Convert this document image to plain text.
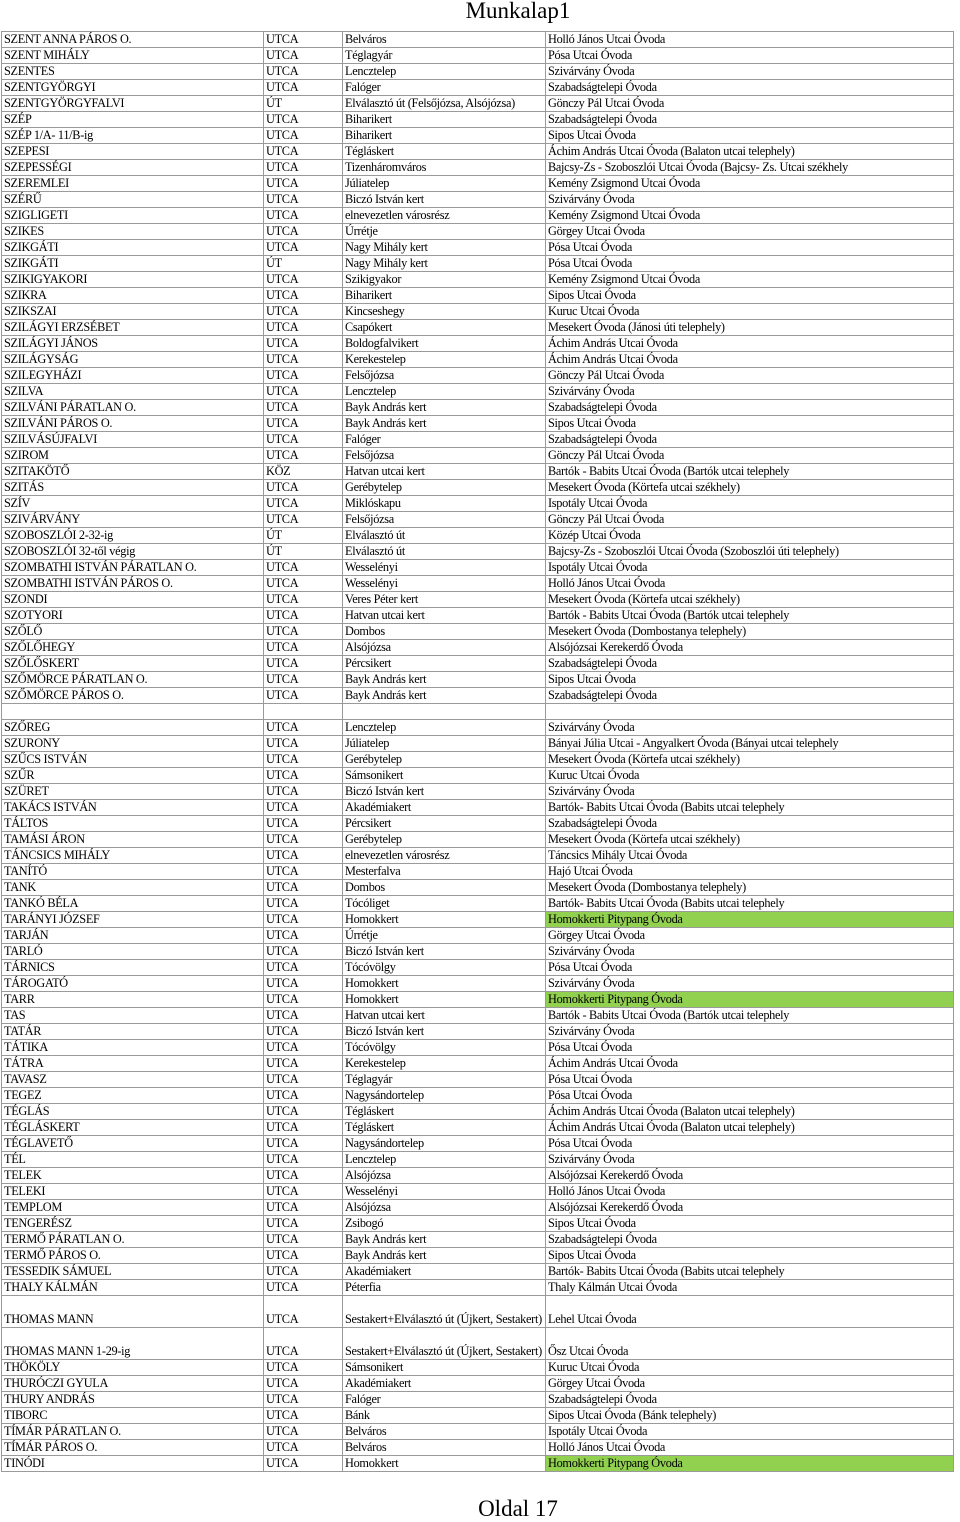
Munkalap1
SZENT ANNA PÁROS O.	UTCA	Belváros	Holló János Utcai Óvoda
SZENT MIHÁLY	UTCA	Téglagyár	Pósa Utcai Óvoda
SZENTES	UTCA	Lencztelep	Szivárvány Óvoda
SZENTGYÖRGYI	UTCA	Falóger	Szabadságtelepi Óvoda
SZENTGYÖRGYFALVI	ÚT	Elválasztó út (Felsőjózsa, Alsójózsa)	Gönczy Pál Utcai Óvoda
SZÉP	UTCA	Biharikert	Szabadságtelepi Óvoda
SZÉP 1/A- 11/B-ig	UTCA	Biharikert	Sipos Utcai Óvoda
SZEPESI	UTCA	Tégláskert	Áchim András Utcai Óvoda (Balaton utcai telephely)
SZEPESSÉGI	UTCA	Tizenháromváros	Bajcsy-Zs - Szoboszlói Utcai Óvoda (Bajcsy- Zs. Utcai székhely
SZEREMLEI	UTCA	Júliatelep	Kemény Zsigmond Utcai Óvoda
SZÉRŰ	UTCA	Biczó István kert	Szivárvány Óvoda
SZIGLIGETI	UTCA	elnevezetlen városrész	Kemény Zsigmond Utcai Óvoda
SZIKES	UTCA	Úrrétje	Görgey Utcai Óvoda
SZIKGÁTI	UTCA	Nagy Mihály kert	Pósa Utcai Óvoda
SZIKGÁTI	ÚT	Nagy Mihály kert	Pósa Utcai Óvoda
SZIKIGYAKORI	UTCA	Szikigyakor	Kemény Zsigmond Utcai Óvoda
SZIKRA	UTCA	Biharikert	Sipos Utcai Óvoda
SZIKSZAI	UTCA	Kincseshegy	Kuruc Utcai Óvoda
SZILÁGYI ERZSÉBET	UTCA	Csapókert	Mesekert Óvoda (Jánosi úti telephely)
SZILÁGYI JÁNOS	UTCA	Boldogfalvikert	Áchim András Utcai Óvoda
SZILÁGYSÁG	UTCA	Kerekestelep	Áchim András Utcai Óvoda
SZILEGYHÁZI	UTCA	Felsőjózsa	Gönczy Pál Utcai Óvoda
SZILVA	UTCA	Lencztelep	Szivárvány Óvoda
SZILVÁNI PÁRATLAN O.	UTCA	Bayk András kert	Szabadságtelepi Óvoda
SZILVÁNI PÁROS O.	UTCA	Bayk András kert	Sipos Utcai Óvoda
SZILVÁSÚJFALVI	UTCA	Falóger	Szabadságtelepi Óvoda
SZIROM	UTCA	Felsőjózsa	Gönczy Pál Utcai Óvoda
SZITAKÖTŐ	KÖZ	Hatvan utcai kert	Bartók - Babits Utcai Óvoda (Bartók utcai telephely
SZITÁS	UTCA	Gerébytelep	Mesekert Óvoda (Körtefa utcai székhely)
SZÍV	UTCA	Miklóskapu	Ispotály Utcai Óvoda
SZIVÁRVÁNY	UTCA	Felsőjózsa	Gönczy Pál Utcai Óvoda
SZOBOSZLÓI 2-32-ig	ÚT	Elválasztó út	Közép Utcai Óvoda
SZOBOSZLÓI 32-től végig	ÚT	Elválasztó út	Bajcsy-Zs - Szoboszlói Utcai Óvoda (Szoboszlói úti telephely)
SZOMBATHI ISTVÁN PÁRATLAN O.	UTCA	Wesselényi	Ispotály Utcai Óvoda
SZOMBATHI ISTVÁN PÁROS O.	UTCA	Wesselényi	Holló János Utcai Óvoda
SZONDI	UTCA	Veres Péter kert	Mesekert Óvoda (Körtefa utcai székhely)
SZOTYORI	UTCA	Hatvan utcai kert	Bartók - Babits Utcai Óvoda (Bartók utcai telephely
SZŐLŐ	UTCA	Dombos	Mesekert Óvoda (Dombostanya telephely)
SZŐLŐHEGY	UTCA	Alsójózsa	Alsójózsai Kerekerdő Óvoda
SZŐLŐSKERT	UTCA	Pércsikert	Szabadságtelepi Óvoda
SZŐMÖRCE PÁRATLAN O.	UTCA	Bayk András kert	Sipos Utcai Óvoda
SZŐMÖRCE PÁROS O.	UTCA	Bayk András kert	Szabadságtelepi Óvoda

SZŐREG	UTCA	Lencztelep	Szivárvány Óvoda
SZURONY	UTCA	Júliatelep	Bányai Júlia Utcai - Angyalkert Óvoda (Bányai utcai telephely
SZŰCS ISTVÁN	UTCA	Gerébytelep	Mesekert Óvoda (Körtefa utcai székhely)
SZŰR	UTCA	Sámsonikert	Kuruc Utcai Óvoda
SZÜRET	UTCA	Biczó István kert	Szivárvány Óvoda
TAKÁCS ISTVÁN	UTCA	Akadémiakert	Bartók- Babits Utcai Óvoda (Babits utcai telephely
TÁLTOS	UTCA	Pércsikert	Szabadságtelepi Óvoda
TAMÁSI ÁRON	UTCA	Gerébytelep	Mesekert Óvoda (Körtefa utcai székhely)
TÁNCSICS MIHÁLY	UTCA	elnevezetlen városrész	Táncsics Mihály Utcai Óvoda
TANÍTÓ	UTCA	Mesterfalva	Hajó Utcai Óvoda
TANK	UTCA	Dombos	Mesekert Óvoda (Dombostanya telephely)
TANKÓ BÉLA	UTCA	Tócóliget	Bartók- Babits Utcai Óvoda (Babits utcai telephely
TARÁNYI JÓZSEF	UTCA	Homokkert	Homokkerti Pitypang Óvoda
TARJÁN	UTCA	Úrrétje	Görgey Utcai Óvoda
TARLÓ	UTCA	Biczó István kert	Szivárvány Óvoda
TÁRNICS	UTCA	Tócóvölgy	Pósa Utcai Óvoda
TÁROGATÓ	UTCA	Homokkert	Szivárvány Óvoda
TARR	UTCA	Homokkert	Homokkerti Pitypang Óvoda
TAS	UTCA	Hatvan utcai kert	Bartók - Babits Utcai Óvoda (Bartók utcai telephely
TATÁR	UTCA	Biczó István kert	Szivárvány Óvoda
TÁTIKA	UTCA	Tócóvölgy	Pósa Utcai Óvoda
TÁTRA	UTCA	Kerekestelep	Áchim András Utcai Óvoda
TAVASZ	UTCA	Téglagyár	Pósa Utcai Óvoda
TEGEZ	UTCA	Nagysándortelep	Pósa Utcai Óvoda
TÉGLÁS	UTCA	Tégláskert	Áchim András Utcai Óvoda (Balaton utcai telephely)
TÉGLÁSKERT	UTCA	Tégláskert	Áchim András Utcai Óvoda (Balaton utcai telephely)
TÉGLAVETŐ	UTCA	Nagysándortelep	Pósa Utcai Óvoda
TÉL	UTCA	Lencztelep	Szivárvány Óvoda
TELEK	UTCA	Alsójózsa	Alsójózsai Kerekerdő Óvoda
TELEKI	UTCA	Wesselényi	Holló János Utcai Óvoda
TEMPLOM	UTCA	Alsójózsa	Alsójózsai Kerekerdő Óvoda
TENGERÉSZ	UTCA	Zsibogó	Sipos Utcai Óvoda
TERMŐ PÁRATLAN O.	UTCA	Bayk András kert	Szabadságtelepi Óvoda
TERMŐ PÁROS O.	UTCA	Bayk András kert	Sipos Utcai Óvoda
TESSEDIK SÁMUEL	UTCA	Akadémiakert	Bartók- Babits Utcai Óvoda (Babits utcai telephely
THALY KÁLMÁN	UTCA	Péterfia	Thaly Kálmán Utcai Óvoda
THOMAS MANN	UTCA	Sestakert+Elválasztó út (Újkert, Sestakert)	Lehel Utcai Óvoda
THOMAS MANN 1-29-ig	UTCA	Sestakert+Elválasztó út (Újkert, Sestakert)	Ősz Utcai Óvoda
THÖKÖLY	UTCA	Sámsonikert	Kuruc Utcai Óvoda
THURÓCZI GYULA	UTCA	Akadémiakert	Görgey Utcai Óvoda
THURY ANDRÁS	UTCA	Falóger	Szabadságtelepi Óvoda
TIBORC	UTCA	Bánk	Sipos Utcai Óvoda (Bánk telephely)
TÍMÁR PÁRATLAN O.	UTCA	Belváros	Ispotály Utcai Óvoda
TÍMÁR PÁROS O.	UTCA	Belváros	Holló János Utcai Óvoda
TINÓDI	UTCA	Homokkert	Homokkerti Pitypang Óvoda
Oldal 17
